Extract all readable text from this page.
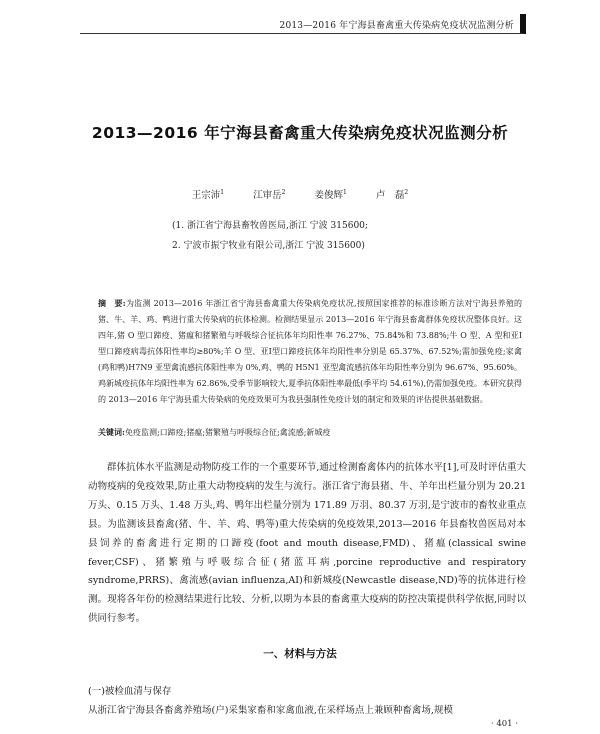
2013—2016 年宁海县畜禽重大传染病免疫状况监测分析
2013—2016 年宁海县畜禽重大传染病免疫状况监测分析
王宗沛$^1$	江审岳$^2$	姜俊辉$^1$	卢　磊$^2$
(1. 浙江省宁海县畜牧兽医局,浙江 宁波 315600;
2. 宁波市振宁牧业有限公司,浙江 宁波 315600)

摘　要:为监测 2013—2016 年浙江省宁海县畜禽重大传染病免疫状况,按照国家推荐的标准诊断方法对宁海县养殖的猪、牛、羊、鸡、鸭进行重大传染病的抗体检测。检测结果显示 2013—2016 年宁海县畜禽群体免疫状况整体良好。这四年,猪 O 型口蹄疫、猪瘟和猪繁殖与呼吸综合征抗体年均阳性率 76.27%、75.84%和 73.88%;牛 O 型、A 型和亚Ⅰ型口蹄疫病毒抗体阳性率均≥80%;羊 O 型、亚Ⅰ型口蹄疫抗体年均阳性率分别是 65.37%、67.52%;需加强免疫;家禽(鸡和鸭)H7N9 亚型禽流感抗体阳性率为 0%,鸡、鸭的 H5N1 亚型禽流感抗体年均阳性率分别为 96.67%、95.60%。鸡新城疫抗体年均阳性率为 62.86%,受季节影响较大,夏季抗体阳性率最低(季平均 54.61%),仍需加强免疫。本研究获得的 2013—2016 年宁海县重大传染病的免疫效果可为我县强制性免疫计划的制定和效果的评估提供基础数据。

关键词:免疫监测;口蹄疫;猪瘟;猪繁殖与呼吸综合征;禽流感;新城疫

群体抗体水平监测是动物防疫工作的一个重要环节,通过检测畜禽体内的抗体水平[1],可及时评估重大动物疫病的免疫效果,防止重大动物疫病的发生与流行。浙江省宁海县猪、牛、羊年出栏量分别为 20.21 万头、0.15 万头、1.48 万头,鸡、鸭年出栏量分别为 171.89 万羽、80.37 万羽,是宁波市的畜牧业重点县。为监测该县畜禽(猪、牛、羊、鸡、鸭等)重大传染病的免疫效果,2013—2016 年县畜牧兽医局对本县饲养的畜禽进行定期的口蹄疫(foot and mouth disease,FMD)、猪瘟(classical swine fever,CSF)、猪繁殖与呼吸综合征(猪蓝耳病,porcine reproductive and respiratory syndrome,PRRS)、禽流感(avian influenza,AI)和新城疫(Newcastle disease,ND)等的抗体进行检测。现将各年份的检测结果进行比较、分析,以期为本县的畜禽重大疫病的防控决策提供科学依据,同时以供同行参考。

一、材料与方法
(一)被检血清与保存
从浙江省宁海县各畜禽养殖场(户)采集家畜和家禽血液,在采样场点上兼顾种畜禽场,规模
· 401 ·
